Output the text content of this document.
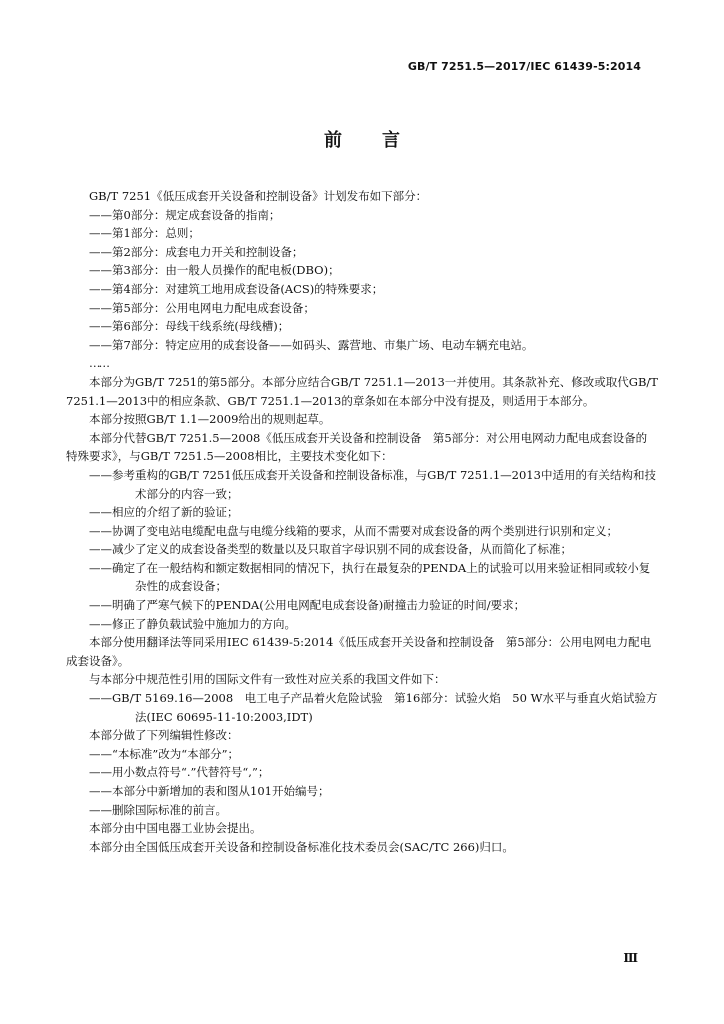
GB/T 7251.5—2017/IEC 61439-5:2014
前言

GB/T 7251《低压成套开关设备和控制设备》计划发布如下部分：

——第0部分：规定成套设备的指南；

——第1部分：总则；

——第2部分：成套电力开关和控制设备；

——第3部分：由一般人员操作的配电板(DBO)；

——第4部分：对建筑工地用成套设备(ACS)的特殊要求；

——第5部分：公用电网电力配电成套设备；

——第6部分：母线干线系统(母线槽)；

——第7部分：特定应用的成套设备——如码头、露营地、市集广场、电动车辆充电站。

……

本部分为GB/T 7251的第5部分。本部分应结合GB/T 7251.1—2013一并使用。其条款补充、修改或取代GB/T 7251.1—2013中的相应条款、GB/T 7251.1—2013的章条如在本部分中没有提及，则适用于本部分。

本部分按照GB/T 1.1—2009给出的规则起草。

本部分代替GB/T 7251.5—2008《低压成套开关设备和控制设备　第5部分：对公用电网动力配电成套设备的特殊要求》，与GB/T 7251.5—2008相比，主要技术变化如下：

——参考重构的GB/T 7251低压成套开关设备和控制设备标准，与GB/T 7251.1—2013中适用的有关结构和技术部分的内容一致；

——相应的介绍了新的验证；

——协调了变电站电缆配电盘与电缆分线箱的要求，从而不需要对成套设备的两个类别进行识别和定义；

——减少了定义的成套设备类型的数量以及只取首字母识别不同的成套设备，从而简化了标准；

——确定了在一般结构和额定数据相同的情况下，执行在最复杂的PENDA上的试验可以用来验证相同或较小复杂性的成套设备；

——明确了严寒气候下的PENDA(公用电网配电成套设备)耐撞击力验证的时间/要求；

——修正了静负载试验中施加力的方向。

本部分使用翻译法等同采用IEC 61439-5:2014《低压成套开关设备和控制设备　第5部分：公用电网电力配电成套设备》。

与本部分中规范性引用的国际文件有一致性对应关系的我国文件如下：

——GB/T 5169.16—2008　电工电子产品着火危险试验　第16部分：试验火焰　50 W水平与垂直火焰试验方法(IEC 60695-11-10:2003,IDT)

本部分做了下列编辑性修改：

——“本标准”改为“本部分”；

——用小数点符号“.”代替符号“,”；

——本部分中新增加的表和图从101开始编号；

——删除国际标准的前言。

本部分由中国电器工业协会提出。

本部分由全国低压成套开关设备和控制设备标准化技术委员会(SAC/TC 266)归口。

Ⅲ
